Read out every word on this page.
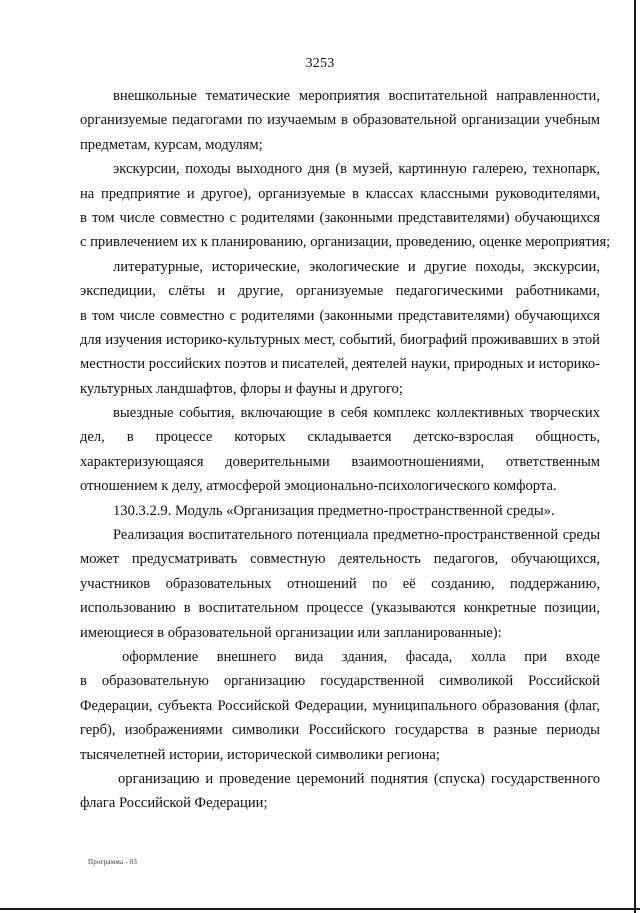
3253
внешкольные тематические мероприятия воспитательной направленности,
организуемые педагогами по изучаемым в образовательной организации учебным
предметам, курсам, модулям;
экскурсии, походы выходного дня (в музей, картинную галерею, технопарк,
на предприятие и другое), организуемые в классах классными руководителями,
в том числе совместно с родителями (законными представителями) обучающихся
с привлечением их к планированию, организации, проведению, оценке мероприятия;
литературные, исторические, экологические и другие походы, экскурсии,
экспедиции, слёты и другие, организуемые педагогическими работниками,
в том числе совместно с родителями (законными представителями) обучающихся
для изучения историко-культурных мест, событий, биографий проживавших в этой
местности российских поэтов и писателей, деятелей науки, природных и историко-
культурных ландшафтов, флоры и фауны и другого;
выездные события, включающие в себя комплекс коллективных творческих
дел, в процессе которых складывается детско-взрослая общность,
характеризующаяся доверительными взаимоотношениями, ответственным
отношением к делу, атмосферой эмоционально-психологического комфорта.
130.3.2.9. Модуль «Организация предметно-пространственной среды».
Реализация воспитательного потенциала предметно-пространственной среды
может предусматривать совместную деятельность педагогов, обучающихся,
участников образовательных отношений по её созданию, поддержанию,
использованию в воспитательном процессе (указываются конкретные позиции,
имеющиеся в образовательной организации или запланированные):
оформление внешнего вида здания, фасада, холла при входе
в образовательную организацию государственной символикой Российской
Федерации, субъекта Российской Федерации, муниципального образования (флаг,
герб), изображениями символики Российского государства в разные периоды
тысячелетней истории, исторической символики региона;
организацию и проведение церемоний поднятия (спуска) государственного
флага Российской Федерации;
Программа - 03
